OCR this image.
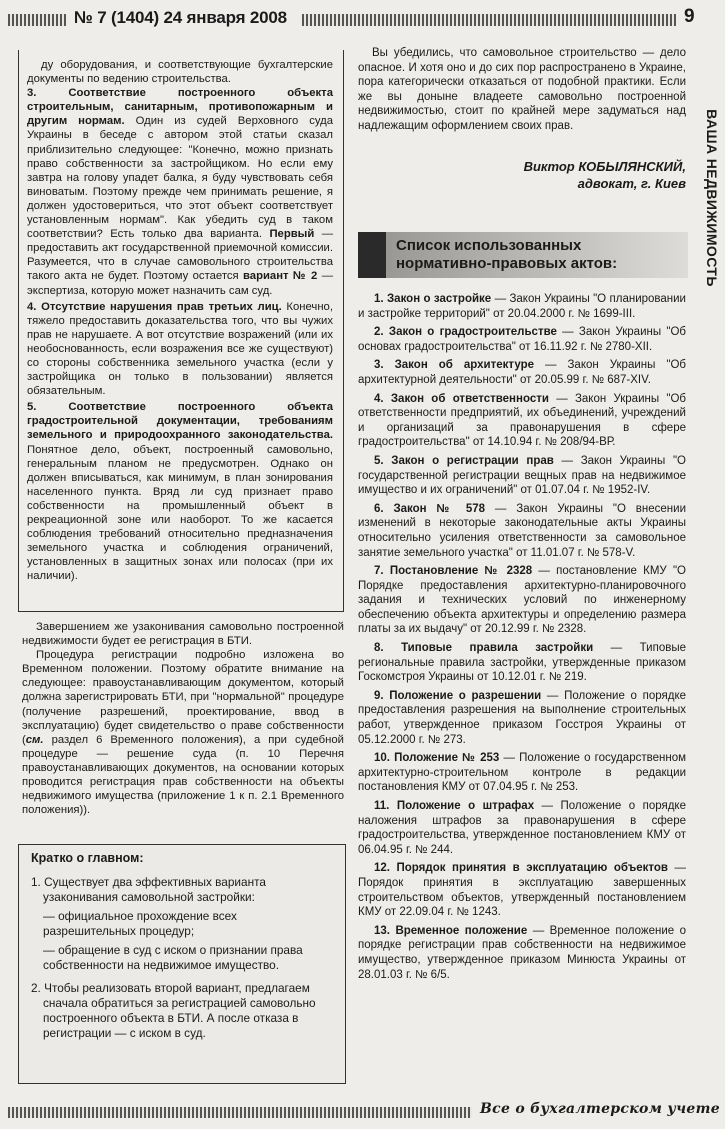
№ 7 (1404) 24 января 2008	9
ВАША НЕДВИЖИМОСТЬ

ду оборудования, и соответствующие бухгалтерские документы по ведению строительства.

3. Соответствие построенного объекта строительным, санитарным, противопожарным и другим нормам. Один из судей Верховного суда Украины в беседе с автором этой статьи сказал приблизительно следующее: "Конечно, можно признать право собственности за застройщиком. Но если ему завтра на голову упадет балка, я буду чувствовать себя виноватым. Поэтому прежде чем принимать решение, я должен удостовериться, что этот объект соответствует установленным нормам". Как убедить суд в таком соответствии? Есть только два варианта. Первый — предоставить акт государственной приемочной комиссии. Разумеется, что в случае самовольного строительства такого акта не будет. Поэтому остается вариант № 2 — экспертиза, которую может назначить сам суд.

4. Отсутствие нарушения прав третьих лиц. Конечно, тяжело предоставить доказательства того, что вы чужих прав не нарушаете. А вот отсутствие возражений (или их необоснованность, если возражения все же существуют) со стороны собственника земельного участка (если у застройщика он только в пользовании) является обязательным.

5. Соответствие построенного объекта градостроительной документации, требованиям земельного и природоохранного законодательства. Понятное дело, объект, построенный самовольно, генеральным планом не предусмотрен. Однако он должен вписываться, как минимум, в план зонирования населенного пункта. Вряд ли суд признает право собственности на промышленный объект в рекреационной зоне или наоборот. То же касается соблюдения требований относительно предназначения земельного участка и соблюдения ограничений, установленных в защитных зонах или полосах (при их наличии).

Завершением же узаконивания самовольно построенной недвижимости будет ее регистрация в БТИ.

Процедура регистрации подробно изложена во Временном положении. Поэтому обратите внимание на следующее: правоустанавливающим документом, который должна зарегистрировать БТИ, при "нормальной" процедуре (получение разрешений, проектирование, ввод в эксплуатацию) будет свидетельство о праве собственности (см. раздел 6 Временного положения), а при судебной процедуре — решение суда (п. 10 Перечня правоустанавливающих документов, на основании которых проводится регистрация прав собственности на объекты недвижимого имущества (приложение 1 к п. 2.1 Временного положения)).

Кратко о главном:

1. Существует два эффективных варианта узаконивания самовольной застройки:

— официальное прохождение всех разрешительных процедур;

— обращение в суд с иском о признании права собственности на недвижимое имущество.

2. Чтобы реализовать второй вариант, предлагаем сначала обратиться за регистрацией самовольно построенного объекта в БТИ. А после отказа в регистрации — с иском в суд.

Вы убедились, что самовольное строительство — дело опасное. И хотя оно и до сих пор распространено в Украине, пора категорически отказаться от подобной практики. Если же вы доныне владеете самовольно построенной недвижимостью, стоит по крайней мере задуматься над надлежащим оформлением своих прав.

Виктор КОБЫЛЯНСКИЙ,
адвокат, г. Киев
Список использованных нормативно-правовых актов:

1. Закон о застройке — Закон Украины "О планировании и застройке территорий" от 20.04.2000 г. № 1699-III.

2. Закон о градостроительстве — Закон Украины "Об основах градостроительства" от 16.11.92 г. № 2780-XII.

3. Закон об архитектуре — Закон Украины "Об архитектурной деятельности" от 20.05.99 г. № 687-XIV.

4. Закон об ответственности — Закон Украины "Об ответственности предприятий, их объединений, учреждений и организаций за правонарушения в сфере градостроительства" от 14.10.94 г. № 208/94-ВР.

5. Закон о регистрации прав — Закон Украины "О государственной регистрации вещных прав на недвижимое имущество и их ограничений" от 01.07.04 г. № 1952-IV.

6. Закон № 578 — Закон Украины "О внесении изменений в некоторые законодательные акты Украины относительно усиления ответственности за самовольное занятие земельного участка" от 11.01.07 г. № 578-V.

7. Постановление № 2328 — постановление КМУ "О Порядке предоставления архитектурно-планировочного задания и технических условий по инженерному обеспечению объекта архитектуры и определению размера платы за их выдачу" от 20.12.99 г. № 2328.

8. Типовые правила застройки — Типовые региональные правила застройки, утвержденные приказом Госкомстроя Украины от 10.12.01 г. № 219.

9. Положение о разрешении — Положение о порядке предоставления разрешения на выполнение строительных работ, утвержденное приказом Госстроя Украины от 05.12.2000 г. № 273.

10. Положение № 253 — Положение о государственном архитектурно-строительном контроле в редакции постановления КМУ от 07.04.95 г. № 253.

11. Положение о штрафах — Положение о порядке наложения штрафов за правонарушения в сфере градостроительства, утвержденное постановлением КМУ от 06.04.95 г. № 244.

12. Порядок принятия в эксплуатацию объектов — Порядок принятия в эксплуатацию завершенных строительством объектов, утвержденный постановлением КМУ от 22.09.04 г. № 1243.

13. Временное положение — Временное положение о порядке регистрации прав собственности на недвижимое имущество, утвержденное приказом Минюста Украины от 28.01.03 г. № 6/5.

Все о бухгалтерском учете
